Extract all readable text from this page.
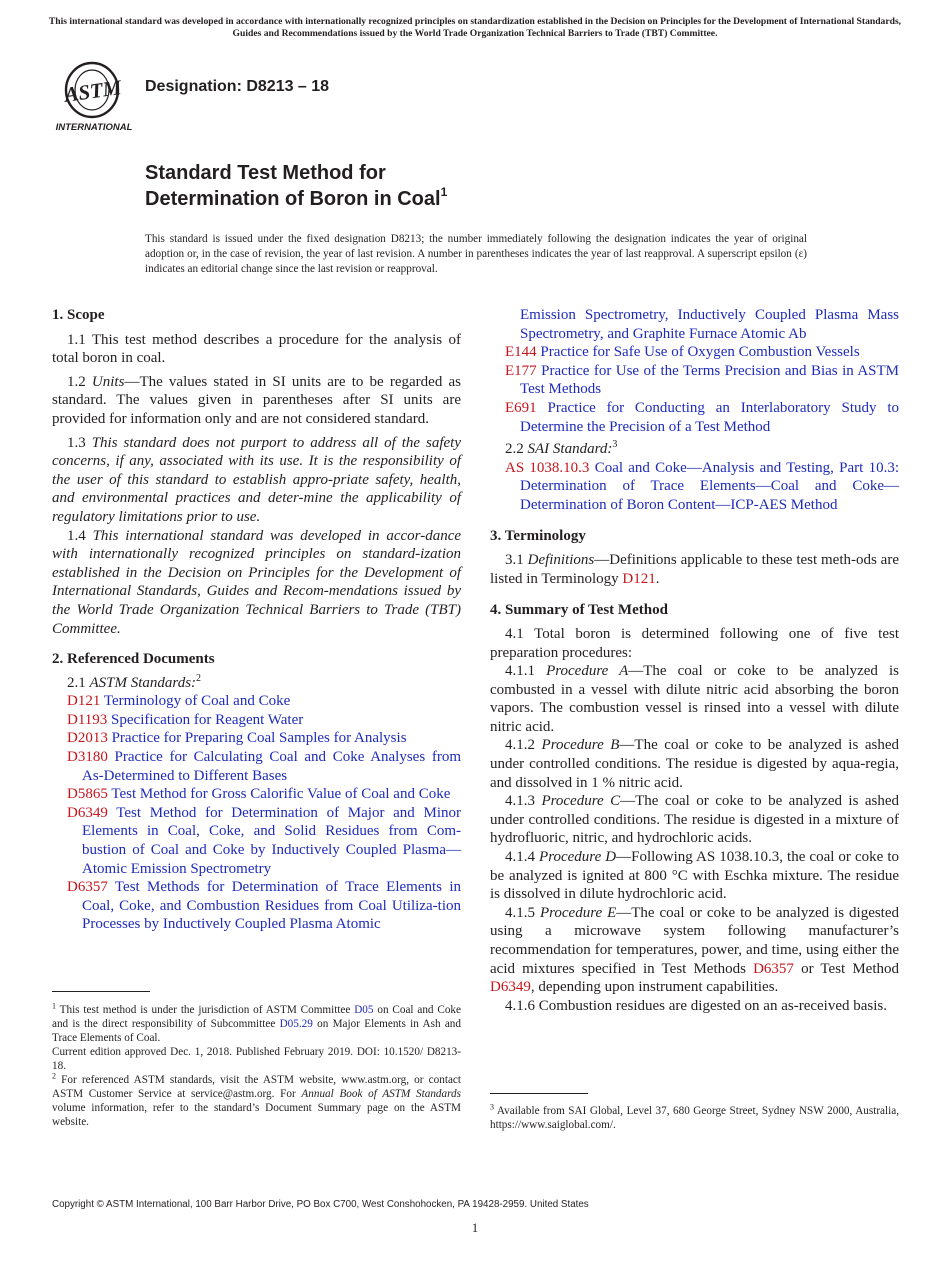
This international standard was developed in accordance with internationally recognized principles on standardization established in the Decision on Principles for the Development of International Standards, Guides and Recommendations issued by the World Trade Organization Technical Barriers to Trade (TBT) Committee.
ASTM
INTERNATIONAL
Designation: D8213 – 18
Standard Test Method for
Determination of Boron in Coal$^1$
This standard is issued under the fixed designation D8213; the number immediately following the designation indicates the year of original adoption or, in the case of revision, the year of last revision. A number in parentheses indicates the year of last reapproval. A superscript epsilon (ε) indicates an editorial change since the last revision or reapproval.

1. Scope

1.1 This test method describes a procedure for the analysis of total boron in coal.

1.2 Units—The values stated in SI units are to be regarded as standard. The values given in parentheses after SI units are provided for information only and are not considered standard.

1.3 This standard does not purport to address all of the safety concerns, if any, associated with its use. It is the responsibility of the user of this standard to establish appro-priate safety, health, and environmental practices and deter-mine the applicability of regulatory limitations prior to use.

1.4 This international standard was developed in accor-dance with internationally recognized principles on standard-ization established in the Decision on Principles for the Development of International Standards, Guides and Recom-mendations issued by the World Trade Organization Technical Barriers to Trade (TBT) Committee.

2. Referenced Documents

2.1 ASTM Standards:$^2$

D121 Terminology of Coal and Coke

D1193 Specification for Reagent Water

D2013 Practice for Preparing Coal Samples for Analysis

D3180 Practice for Calculating Coal and Coke Analyses from As-Determined to Different Bases

D5865 Test Method for Gross Calorific Value of Coal and Coke

D6349 Test Method for Determination of Major and Minor Elements in Coal, Coke, and Solid Residues from Com-bustion of Coal and Coke by Inductively Coupled Plasma—Atomic Emission Spectrometry

D6357 Test Methods for Determination of Trace Elements in Coal, Coke, and Combustion Residues from Coal Utiliza-tion Processes by Inductively Coupled Plasma Atomic

$^1$ This test method is under the jurisdiction of ASTM Committee D05 on Coal and Coke and is the direct responsibility of Subcommittee D05.29 on Major Elements in Ash and Trace Elements of Coal.

Current edition approved Dec. 1, 2018. Published February 2019. DOI: 10.1520/ D8213-18.

$^2$ For referenced ASTM standards, visit the ASTM website, www.astm.org, or contact ASTM Customer Service at service@astm.org. For Annual Book of ASTM Standards volume information, refer to the standard’s Document Summary page on the ASTM website.

Emission Spectrometry, Inductively Coupled Plasma Mass Spectrometry, and Graphite Furnace Atomic Ab

E144 Practice for Safe Use of Oxygen Combustion Vessels

E177 Practice for Use of the Terms Precision and Bias in ASTM Test Methods

E691 Practice for Conducting an Interlaboratory Study to Determine the Precision of a Test Method

2.2 SAI Standard:$^3$

AS 1038.10.3 Coal and Coke—Analysis and Testing, Part 10.3: Determination of Trace Elements—Coal and Coke—Determination of Boron Content—ICP-AES Method

3. Terminology

3.1 Definitions—Definitions applicable to these test meth-ods are listed in Terminology D121.

4. Summary of Test Method

4.1 Total boron is determined following one of five test preparation procedures:

4.1.1 Procedure A—The coal or coke to be analyzed is combusted in a vessel with dilute nitric acid absorbing the boron vapors. The combustion vessel is rinsed into a vessel with dilute nitric acid.

4.1.2 Procedure B—The coal or coke to be analyzed is ashed under controlled conditions. The residue is digested by aqua-regia, and dissolved in 1 % nitric acid.

4.1.3 Procedure C—The coal or coke to be analyzed is ashed under controlled conditions. The residue is digested in a mixture of hydrofluoric, nitric, and hydrochloric acids.

4.1.4 Procedure D—Following AS 1038.10.3, the coal or coke to be analyzed is ignited at 800 °C with Eschka mixture. The residue is dissolved in dilute hydrochloric acid.

4.1.5 Procedure E—The coal or coke to be analyzed is digested using a microwave system following manufacturer’s recommendation for temperatures, power, and time, using either the acid mixtures specified in Test Methods D6357 or Test Method D6349, depending upon instrument capabilities.

4.1.6 Combustion residues are digested on an as-received basis.

$^3$ Available from SAI Global, Level 37, 680 George Street, Sydney NSW 2000, Australia, https://www.saiglobal.com/.

Copyright © ASTM International, 100 Barr Harbor Drive, PO Box C700, West Conshohocken, PA 19428-2959. United States
1
